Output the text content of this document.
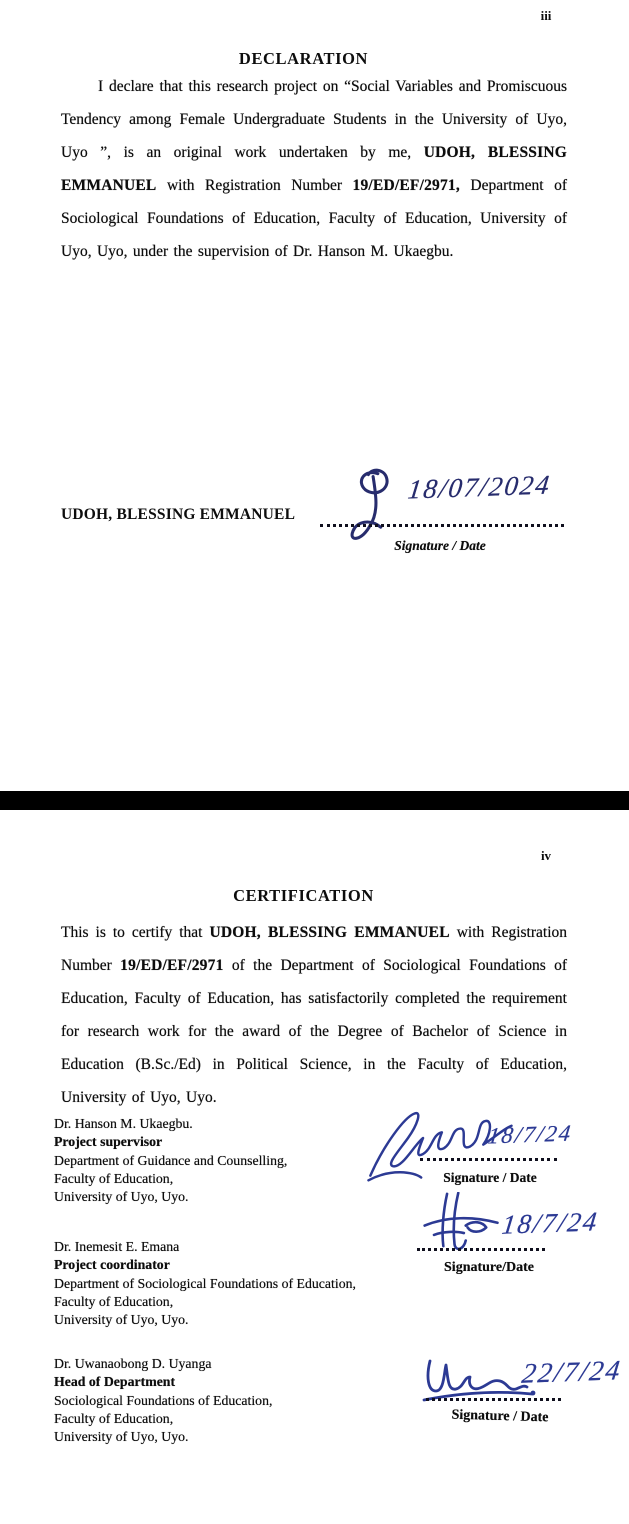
iii
DECLARATION
I declare that this research project on “Social Variables and Promiscuous Tendency among Female Undergraduate Students in the University of Uyo, Uyo ”, is an original work undertaken by me, UDOH, BLESSING EMMANUEL with Registration Number 19/ED/EF/2971, Department of Sociological Foundations of Education, Faculty of Education, University of Uyo, Uyo, under the supervision of Dr. Hanson M. Ukaegbu.
UDOH, BLESSING EMMANUEL
18/07/2024
Signature / Date
iv
CERTIFICATION
This is to certify that UDOH, BLESSING EMMANUEL with Registration Number 19/ED/EF/2971 of the Department of Sociological Foundations of Education, Faculty of Education, has satisfactorily completed the requirement for research work for the award of the Degree of Bachelor of Science in Education (B.Sc./Ed) in Political Science, in the Faculty of Education, University of Uyo, Uyo.
Dr. Hanson M. Ukaegbu.
Project supervisor
Department of Guidance and Counselling,
Faculty of Education,
University of Uyo, Uyo.
18/7/24
Signature / Date
Dr. Inemesit E. Emana
Project coordinator
Department of Sociological Foundations of Education,
Faculty of Education,
University of Uyo, Uyo.
18/7/24
Signature/Date
Dr. Uwanaobong D. Uyanga
Head of Department
Sociological Foundations of Education,
Faculty of Education,
University of Uyo, Uyo.
22/7/24
Signature / Date
